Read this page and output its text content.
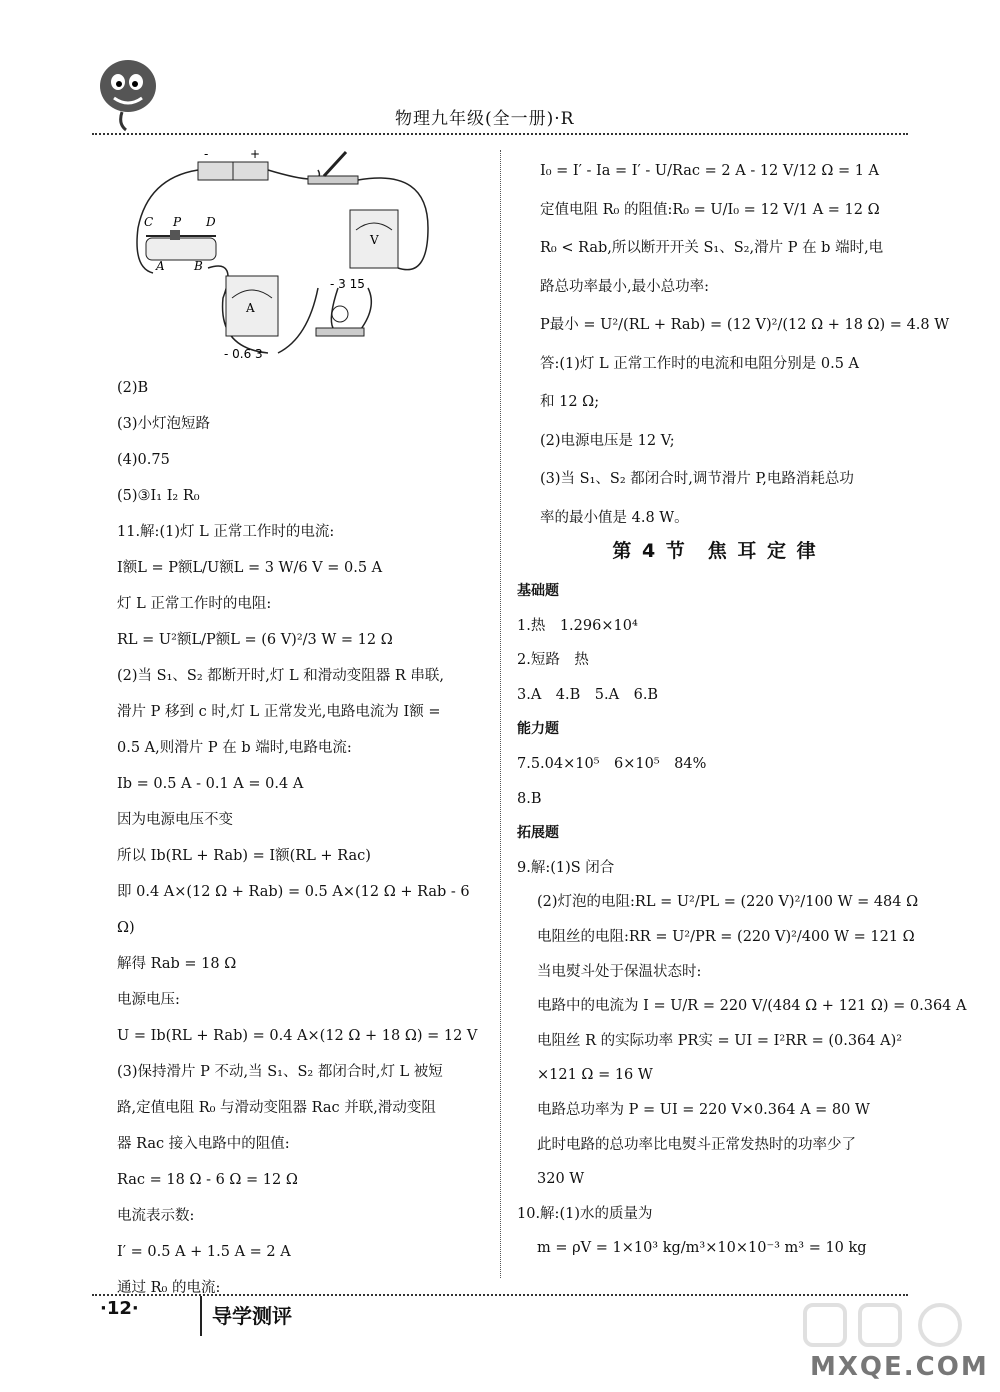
物理九年级(全一册)·R
-	+
C P D
A B
V
- 3 15
A
- 0.6 3
(2)B
(3)小灯泡短路
(4)0.75
(5)③I₁ I₂ R₀
11.解:(1)灯 L 正常工作时的电流:
I额L = P额L/U额L = 3 W/6 V = 0.5 A
灯 L 正常工作时的电阻:
RL = U²额L/P额L = (6 V)²/3 W = 12 Ω
(2)当 S₁、S₂ 都断开时,灯 L 和滑动变阻器 R 串联,
滑片 P 移到 c 时,灯 L 正常发光,电路电流为 I额 =
0.5 A,则滑片 P 在 b 端时,电路电流:
Ib = 0.5 A - 0.1 A = 0.4 A
因为电源电压不变
所以 Ib(RL + Rab) = I额(RL + Rac)
即 0.4 A×(12 Ω + Rab) = 0.5 A×(12 Ω + Rab - 6
Ω)
解得 Rab = 18 Ω
电源电压:
U = Ib(RL + Rab) = 0.4 A×(12 Ω + 18 Ω) = 12 V
(3)保持滑片 P 不动,当 S₁、S₂ 都闭合时,灯 L 被短
路,定值电阻 R₀ 与滑动变阻器 Rac 并联,滑动变阻
器 Rac 接入电路中的阻值:
Rac = 18 Ω - 6 Ω = 12 Ω
电流表示数:
I′ = 0.5 A + 1.5 A = 2 A
通过 R₀ 的电流:
I₀ = I′ - Ia = I′ - U/Rac = 2 A - 12 V/12 Ω = 1 A
定值电阻 R₀ 的阻值:R₀ = U/I₀ = 12 V/1 A = 12 Ω
R₀ < Rab,所以断开开关 S₁、S₂,滑片 P 在 b 端时,电
路总功率最小,最小总功率:
P最小 = U²/(RL + Rab) = (12 V)²/(12 Ω + 18 Ω) = 4.8 W
答:(1)灯 L 正常工作时的电流和电阻分别是 0.5 A
和 12 Ω;
(2)电源电压是 12 V;
(3)当 S₁、S₂ 都闭合时,调节滑片 P,电路消耗总功
率的最小值是 4.8 W。
第 4 节　焦 耳 定 律
基础题
1.热　1.296×10⁴
2.短路　热
3.A　4.B　5.A　6.B
能力题
7.5.04×10⁵　6×10⁵　84%
8.B
拓展题
9.解:(1)S 闭合
(2)灯泡的电阻:RL = U²/PL = (220 V)²/100 W = 484 Ω
电阻丝的电阻:RR = U²/PR = (220 V)²/400 W = 121 Ω
当电熨斗处于保温状态时:
电路中的电流为 I = U/R = 220 V/(484 Ω + 121 Ω) = 0.364 A
电阻丝 R 的实际功率 PR实 = UI = I²RR = (0.364 A)²
×121 Ω = 16 W
电路总功率为 P = UI = 220 V×0.364 A = 80 W
此时电路的总功率比电熨斗正常发热时的功率少了
320 W
10.解:(1)水的质量为
m = ρV = 1×10³ kg/m³×10×10⁻³ m³ = 10 kg
·12·	导学测评
MXQE.COM
